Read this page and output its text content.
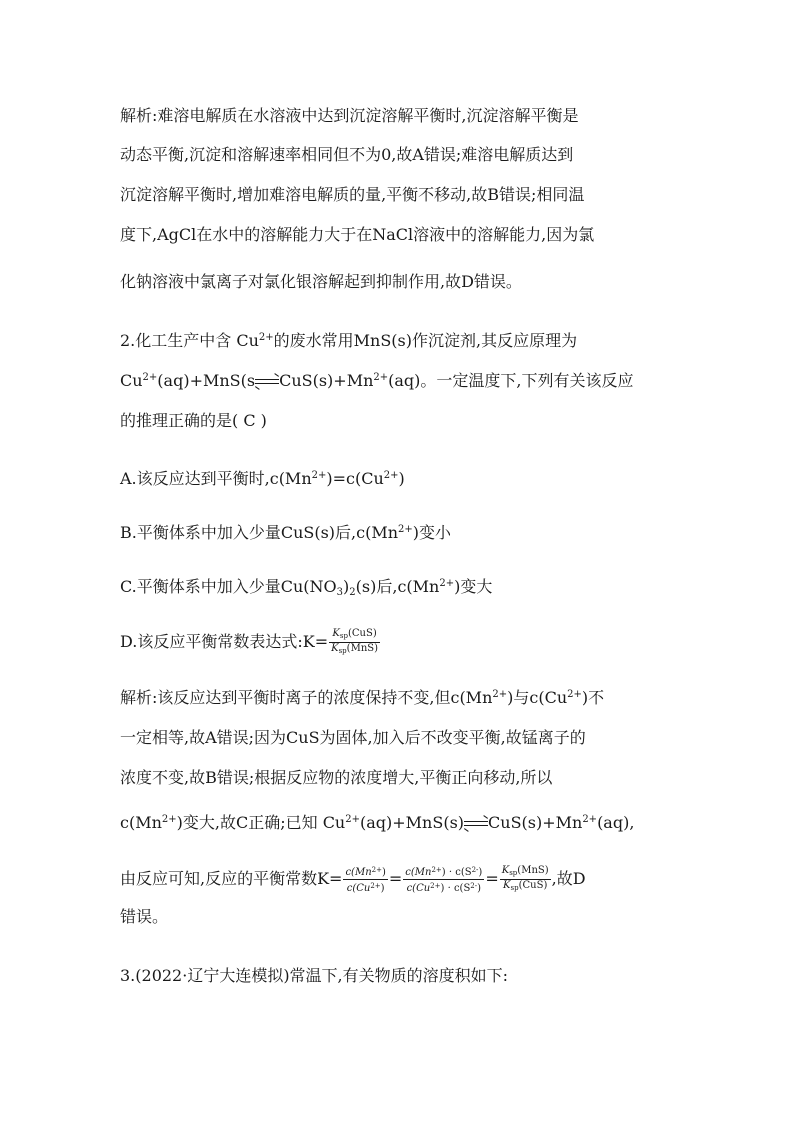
解析:难溶电解质在水溶液中达到沉淀溶解平衡时,沉淀溶解平衡是
动态平衡,沉淀和溶解速率相同但不为0,故A错误;难溶电解质达到
沉淀溶解平衡时,增加难溶电解质的量,平衡不移动,故B错误;相同温
度下,AgCl在水中的溶解能力大于在NaCl溶液中的溶解能力,因为氯
化钠溶液中氯离子对氯化银溶解起到抑制作用,故D错误。
2.化工生产中含 $Cu^{2+}$的废水常用MnS(s)作沉淀剂,其反应原理为
$Cu^{2+}(aq)+MnS(s$ $CuS(s)+Mn^{2+}(aq)$。一定温度下,下列有关该反应
的推理正确的是( C )
A.该反应达到平衡时$,c(Mn^{2+})=c(Cu^{2+})$
B.平衡体系中加入少量CuS(s)后$,c(Mn^{2+})$变小
C.平衡体系中加入少量$Cu(NO_3)_2(s)$后$,c(Mn^{2+})$变大
D.该反应平衡常数表达式:K= $\frac{K_{sp}(CuS)}{K_{sp}(MnS)}$
解析:该反应达到平衡时离子的浓度保持不变,但$c(Mn^{2+})$与$c(Cu^{2+})$不
一定相等,故A错误;因为CuS为固体,加入后不改变平衡,故锰离子的
浓度不变,故B错误;根据反应物的浓度增大,平衡正向移动,所以
$c(Mn^{2+})$变大,故C正确;已知 $Cu^{2+}(aq)+MnS(s)$ $CuS(s)+Mn^{2+}(aq)$,
由反应可知,反应的平衡常数$K= \frac{c(Mn^{2+})}{c(Cu^{2+})} = \frac{c(Mn^{2+}) \cdot c(S^{2-})}{c(Cu^{2+}) \cdot c(S^{2-})} = \frac{K_{sp}(MnS)}{K_{sp}(CuS)}$ ,故D
错误。
3.(2022·辽宁大连模拟)常温下,有关物质的溶度积如下:
